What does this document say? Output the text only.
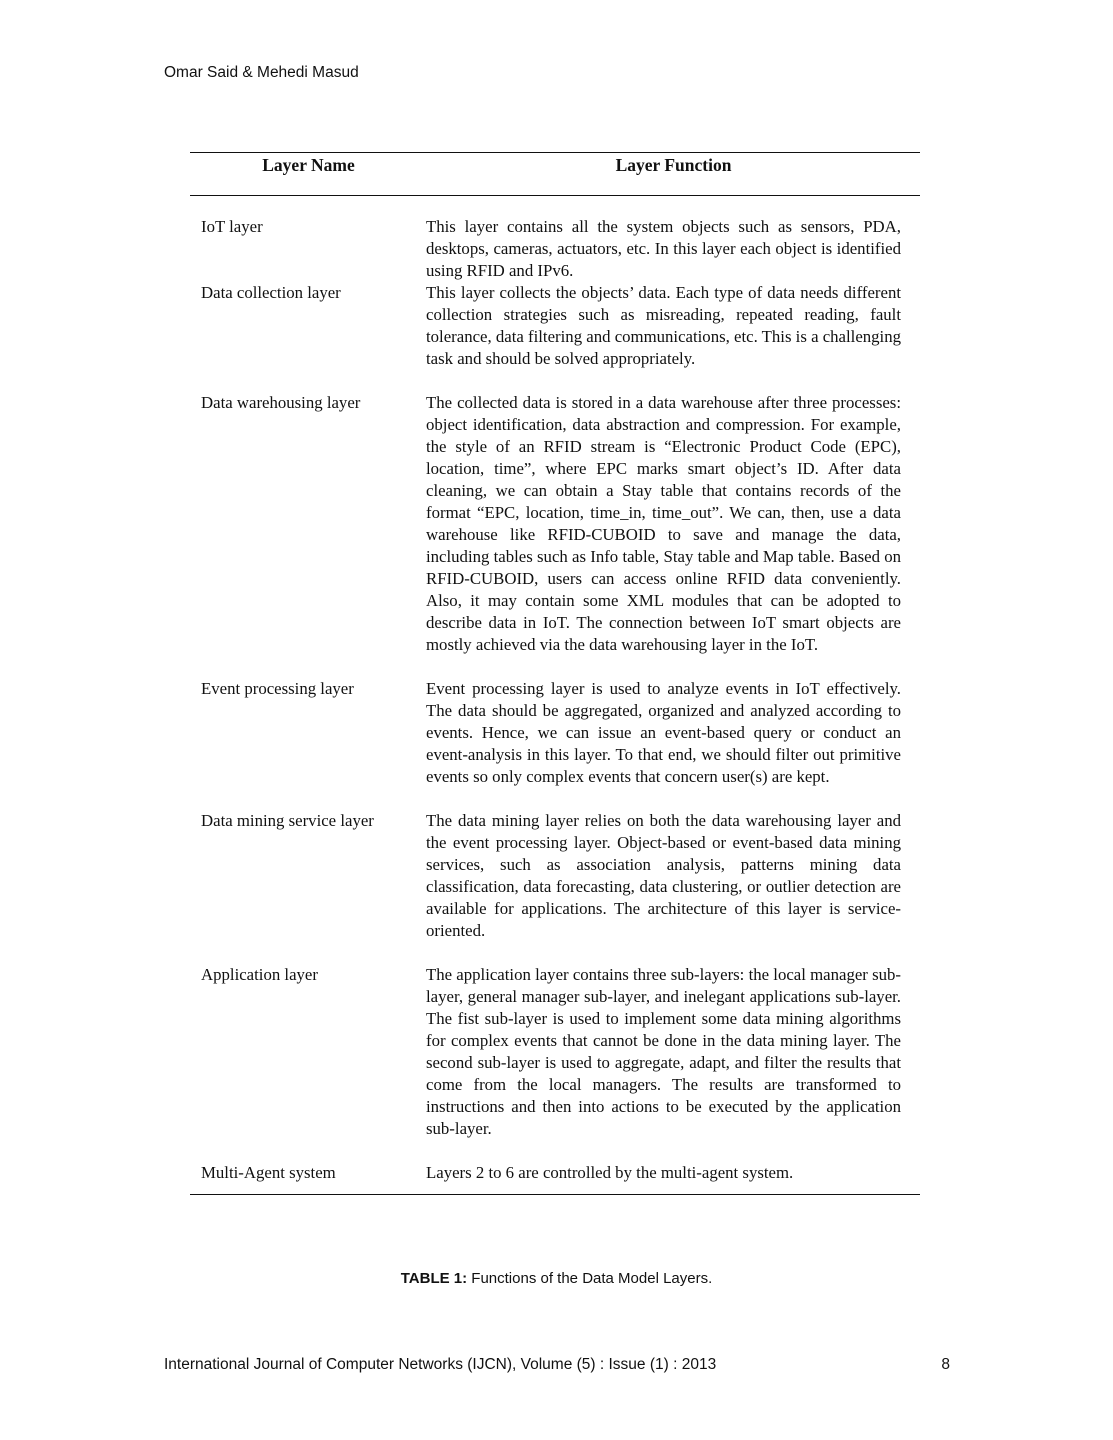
Omar Said & Mehedi Masud
Layer Name	Layer Function
IoT layer	This layer contains all the system objects such as sensors, PDA, desktops, cameras, actuators, etc. In this layer each object is identified using RFID and IPv6.
Data collection layer	This layer collects the objects’ data. Each type of data needs different collection strategies such as misreading, repeated reading, fault tolerance, data filtering and communications, etc. This is a challenging task and should be solved appropriately.
Data warehousing layer	The collected data is stored in a data warehouse after three processes: object identification, data abstraction and compression. For example, the style of an RFID stream is “Electronic Product Code (EPC), location, time”, where EPC marks smart object’s ID. After data cleaning, we can obtain a Stay table that contains records of the format “EPC, location, time_in, time_out”. We can, then, use a data warehouse like RFID-CUBOID to save and manage the data, including tables such as Info table, Stay table and Map table. Based on RFID-CUBOID, users can access online RFID data conveniently. Also, it may contain some XML modules that can be adopted to describe data in IoT. The connection between IoT smart objects are mostly achieved via the data warehousing layer in the IoT.
Event processing layer	Event processing layer is used to analyze events in IoT effectively. The data should be aggregated, organized and analyzed according to events. Hence, we can issue an event-based query or conduct an event-analysis in this layer. To that end, we should filter out primitive events so only complex events that concern user(s) are kept.
Data mining service layer	The data mining layer relies on both the data warehousing layer and the event processing layer. Object-based or event-based data mining services, such as association analysis, patterns mining data classification, data forecasting, data clustering, or outlier detection are available for applications. The architecture of this layer is service-oriented.
Application layer	The application layer contains three sub-layers: the local manager sub-layer, general manager sub-layer, and inelegant applications sub-layer. The fist sub-layer is used to implement some data mining algorithms for complex events that cannot be done in the data mining layer. The second sub-layer is used to aggregate, adapt, and filter the results that come from the local managers. The results are transformed to instructions and then into actions to be executed by the application sub-layer.
Multi-Agent system	Layers 2 to 6 are controlled by the multi-agent system.
TABLE 1: Functions of the Data Model Layers.
International Journal of Computer Networks (IJCN), Volume (5) : Issue (1) : 2013	8
